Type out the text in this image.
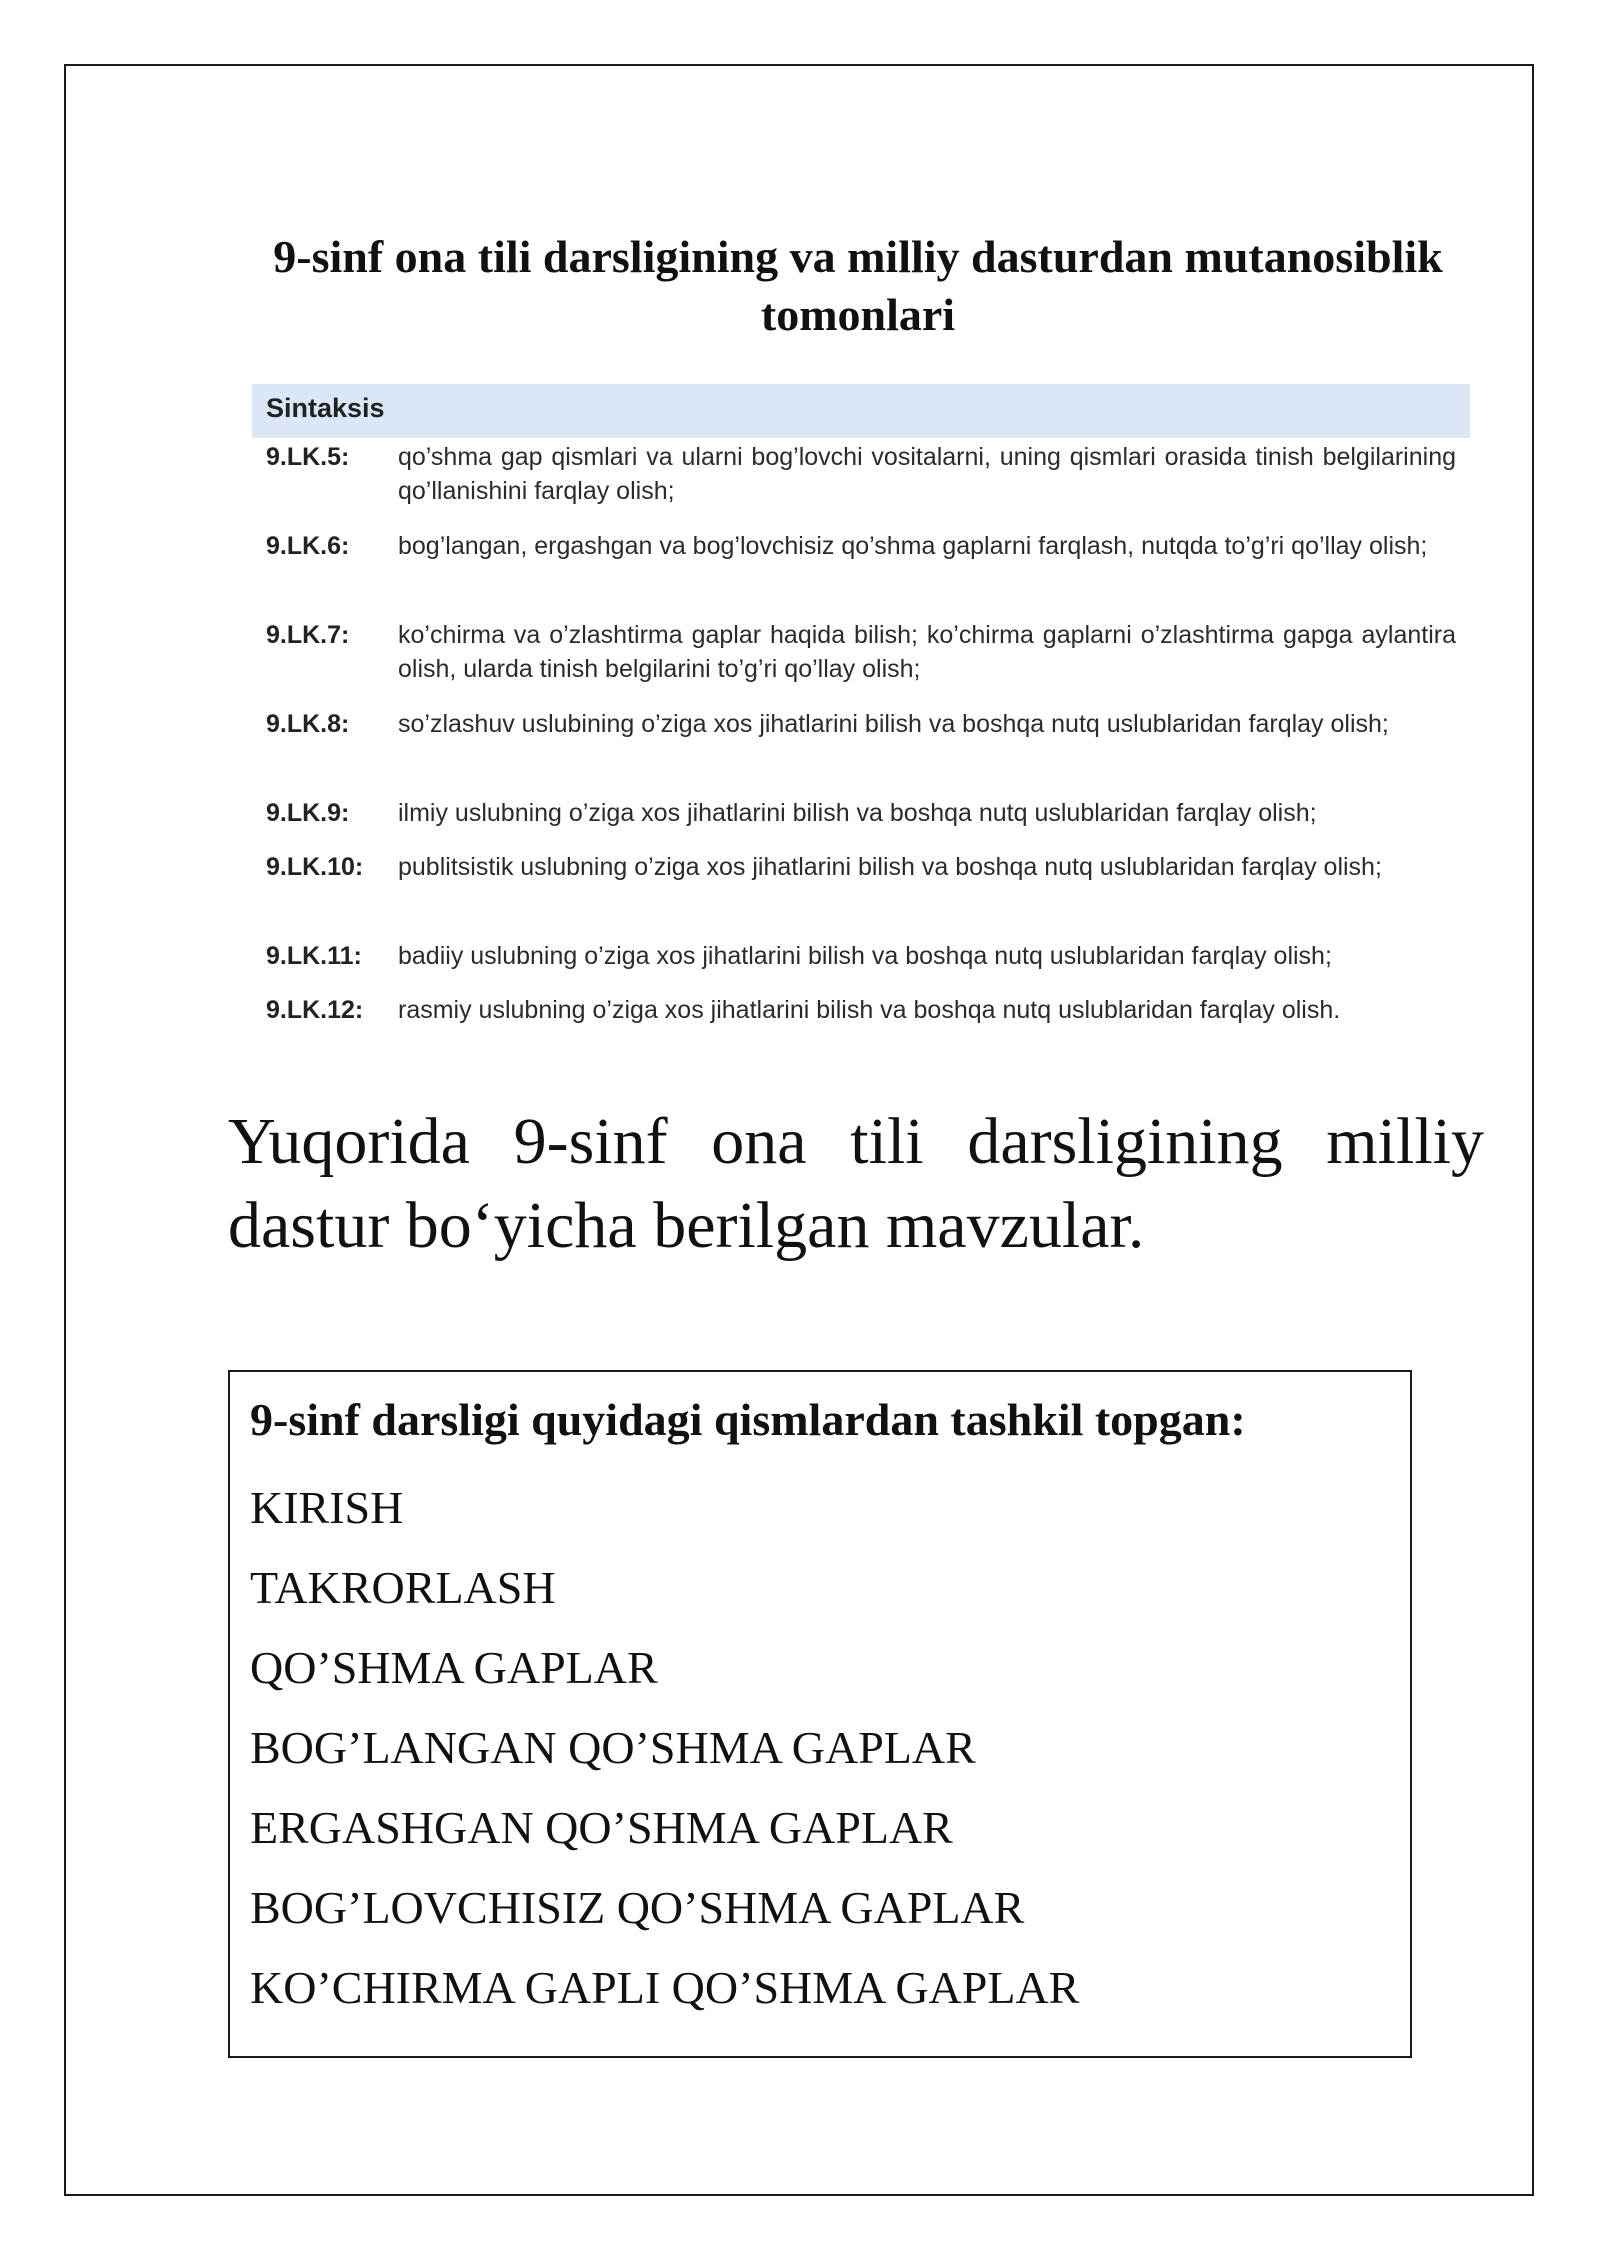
9-sinf ona tili darsligining va milliy dasturdan mutanosiblik tomonlari
Sintaksis
9.LK.5:	qo’shma gap qismlari va ularni bog’lovchi vositalarni, uning qismlari orasida tinish belgilarining qo’llanishini farqlay olish;
9.LK.6:	bog’langan, ergashgan va bog’lovchisiz qo’shma gaplarni farqlash, nutqda to’g’ri qo’llay olish;
9.LK.7:	ko’chirma va o’zlashtirma gaplar haqida bilish; ko’chirma gaplarni o’zlashtirma gapga aylantira olish, ularda tinish belgilarini to’g’ri qo’llay olish;
9.LK.8:	so’zlashuv uslubining o’ziga xos jihatlarini bilish va boshqa nutq uslublaridan farqlay olish;
9.LK.9:	ilmiy uslubning o’ziga xos jihatlarini bilish va boshqa nutq uslublaridan farqlay olish;
9.LK.10:	publitsistik uslubning o’ziga xos jihatlarini bilish va boshqa nutq uslublaridan farqlay olish;
9.LK.11:	badiiy uslubning o’ziga xos jihatlarini bilish va boshqa nutq uslublaridan farqlay olish;
9.LK.12:	rasmiy uslubning o’ziga xos jihatlarini bilish va boshqa nutq uslublaridan farqlay olish.
Yuqorida 9-sinf ona tili darsligining milliy dastur bo‘yicha berilgan mavzular.
9-sinf darsligi quyidagi qismlardan tashkil topgan:
KIRISH
TAKRORLASH
QO’SHMA GAPLAR
BOG’LANGAN QO’SHMA GAPLAR
ERGASHGAN QO’SHMA GAPLAR
BOG’LOVCHISIZ QO’SHMA GAPLAR
KO’CHIRMA GAPLI QO’SHMA GAPLAR
